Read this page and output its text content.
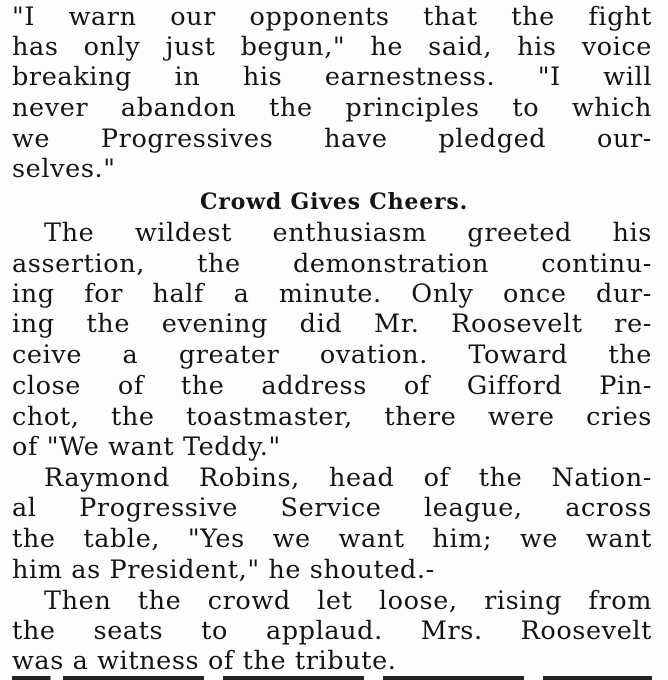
"I warn our opponents that the fight
has only just begun," he said, his voice
breaking in his earnestness. "I will
never abandon the principles to which
we Progressives have pledged our-
selves."
Crowd Gives Cheers.
The wildest enthusiasm greeted his
assertion, the demonstration continu-
ing for half a minute. Only once dur-
ing the evening did Mr. Roosevelt re-
ceive a greater ovation. Toward the
close of the address of Gifford Pin-
chot, the toastmaster, there were cries
of "We want Teddy."
Raymond Robins, head of the Nation-
al Progressive Service league, across
the table, "Yes we want him; we want
him as President," he shouted.-
Then the crowd let loose, rising from
the seats to applaud. Mrs. Roosevelt
was a witness of the tribute.
